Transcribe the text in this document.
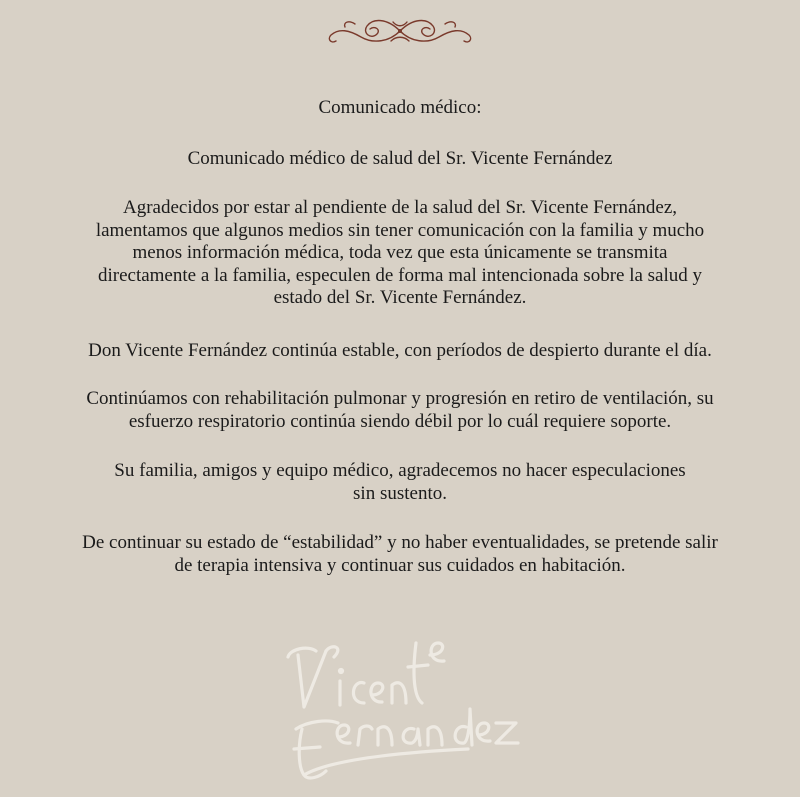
Comunicado médico:
Comunicado médico de salud del Sr. Vicente Fernández
Agradecidos por estar al pendiente de la salud del Sr. Vicente Fernández,
lamentamos que algunos medios sin tener comunicación con la familia y mucho
menos información médica, toda vez que esta únicamente se transmita
directamente a la familia, especulen de forma mal intencionada sobre la salud y
estado del Sr. Vicente Fernández.
Don Vicente Fernández continúa estable, con períodos de despierto durante el día.
Continúamos con rehabilitación pulmonar y progresión en retiro de ventilación, su
esfuerzo respiratorio continúa siendo débil por lo cuál requiere soporte.
Su familia, amigos y equipo médico, agradecemos no hacer especulaciones
sin sustento.
De continuar su estado de “estabilidad” y no haber eventualidades, se pretende salir
de terapia intensiva y continuar sus cuidados en habitación.
